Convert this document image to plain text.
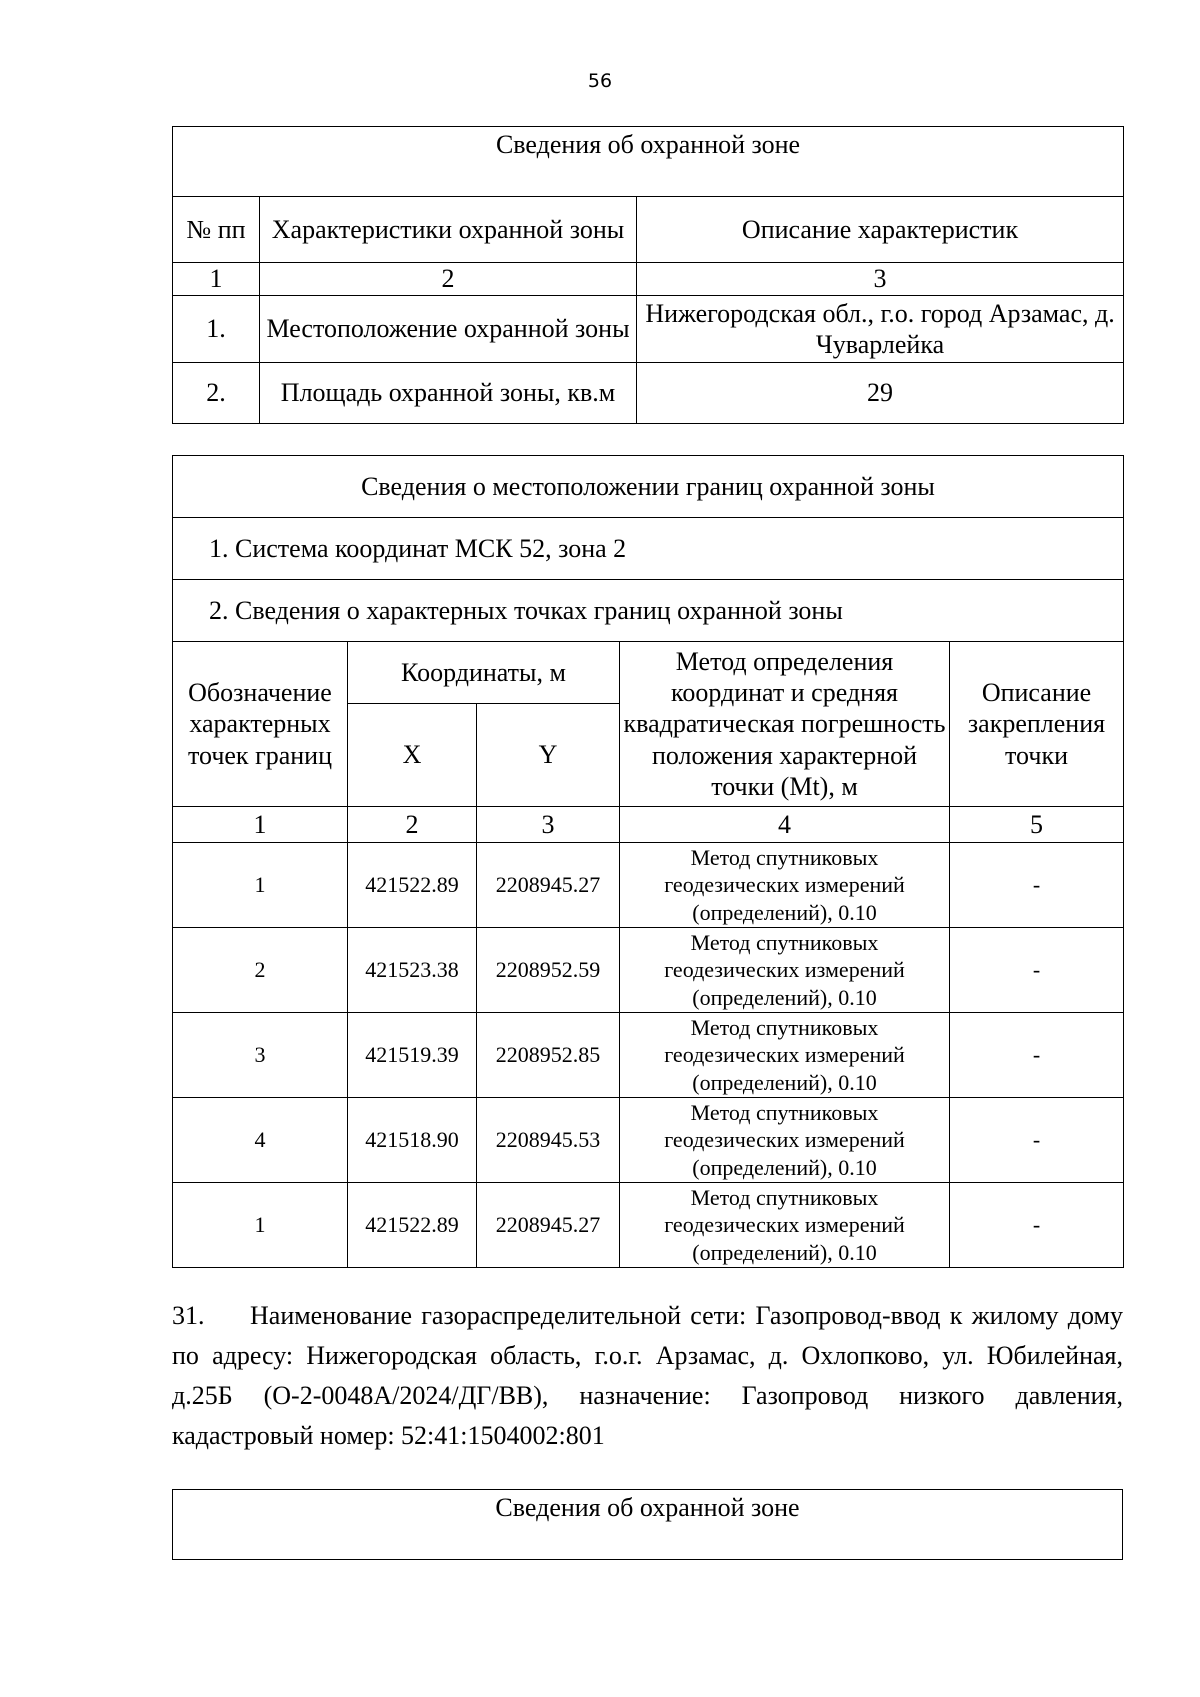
56
Сведения об охранной зоне		
№ пп	Характеристики охранной зоны	Описание характеристик
1	2	3
1.	Местоположение охранной зоны	Нижегородская обл., г.о. город Арзамас, д. Чуварлейка
2.	Площадь охранной зоны, кв.м	29
Сведения о местоположении границ охранной зоны				
1. Система координат МСК 52, зона 2				
2. Сведения о характерных точках границ охранной зоны				
Обозначение характерных точек границ	Координаты, м		Метод определения координат и средняя квадратическая погрешность положения характерной точки (Mt), м	Описание закрепления точки
	X	Y		
1	2	3	4	5
1	421522.89	2208945.27	Метод спутниковых геодезических измерений (определений), 0.10	-
2	421523.38	2208952.59	Метод спутниковых геодезических измерений (определений), 0.10	-
3	421519.39	2208952.85	Метод спутниковых геодезических измерений (определений), 0.10	-
4	421518.90	2208945.53	Метод спутниковых геодезических измерений (определений), 0.10	-
1	421522.89	2208945.27	Метод спутниковых геодезических измерений (определений), 0.10	-
31. Наименование газораспределительной сети: Газопровод-ввод к жилому дому по адресу: Нижегородская область, г.о.г. Арзамас, д. Охлопково, ул. Юбилейная, д.25Б (О-2-0048А/2024/ДГ/ВВ), назначение: Газопровод низкого давления, кадастровый номер: 52:41:1504002:801
Сведения об охранной зоне
